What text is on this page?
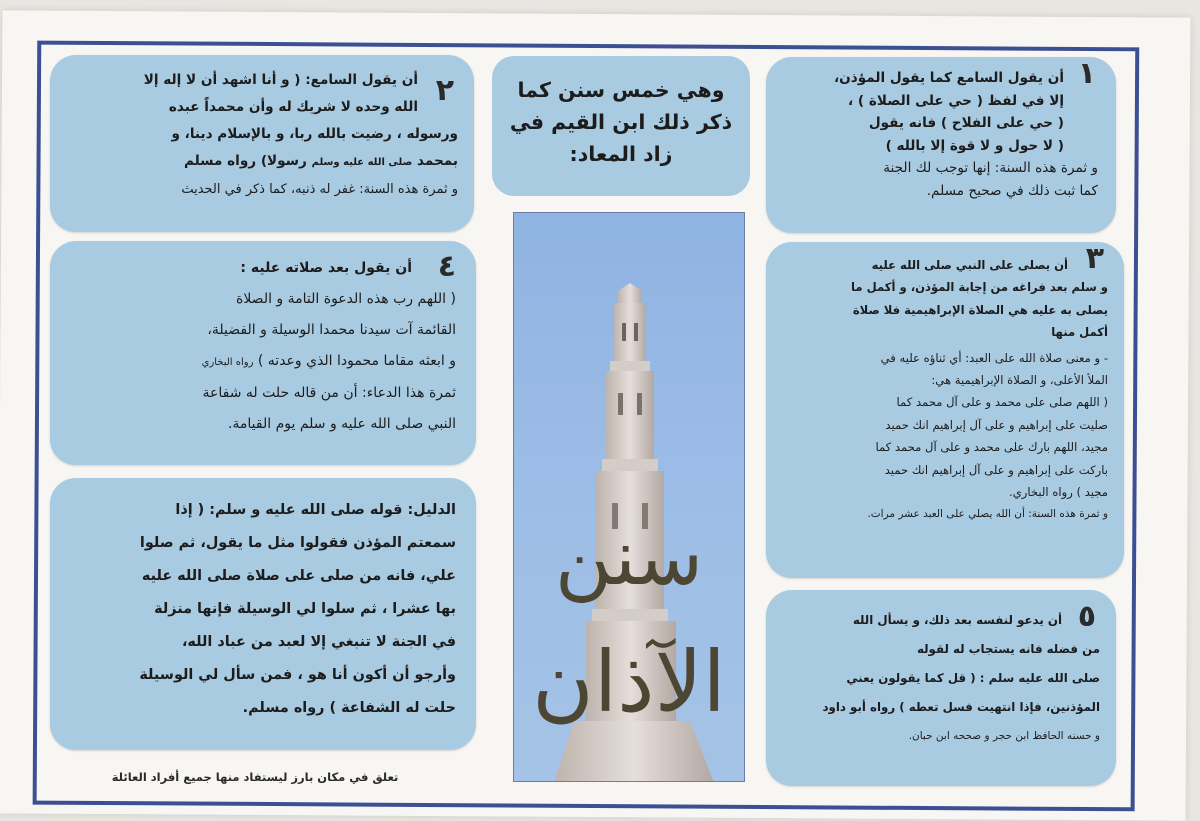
١

أن يقول السامع كما يقول المؤذن،

إلا في لفظ ( حي على الصلاة ) ،

( حي على الفلاح ) فانه يقول

( لا حول و لا قوة إلا بالله )

و ثمرة هذه السنة: إنها توجب لك الجنة

كما ثبت ذلك في صحيح مسلم.

٢

أن يقول السامع: ( و أنا اشهد أن لا إله إلا

الله وحده لا شريك له وأن محمداً عبده

ورسوله ، رضيت بالله ربا، و بالإسلام دينا، و

بمحمد صلى الله عليه وسلم رسولا) رواه مسلم

و ثمرة هذه السنة: غفر له ذنبه، كما ذكر في الحديث

وهي خمس سنن كما ذكر ذلك ابن القيم في زاد المعاد:
سنن
الآذان
٣

أن يصلى على النبي صلى الله عليه

و سلم بعد فراغه من إجابة المؤذن، و أكمل ما

يصلى به عليه هي الصلاة الإبراهيمية فلا صلاة

أكمل منها

- و معنى صلاة الله على العبد: أي ثناؤه عليه في

الملأ الأعلى، و الصلاة الإبراهيمية هي:

( اللهم صلى على محمد و على آل محمد كما

صليت على إبراهيم و على آل إبراهيم انك حميد

مجيد، اللهم بارك على محمد و على آل محمد كما

باركت على إبراهيم و على آل إبراهيم انك حميد

مجيد ) رواه البخاري.

و ثمرة هذه السنة: أن الله يصلي على العبد عشر مرات.

٤

أن يقول بعد صلاته عليه :

( اللهم رب هذه الدعوة التامة و الصلاة

القائمة آت سيدنا محمدا الوسيلة و الفضيلة،

و ابعثه مقاما محمودا الذي وعدته ) رواه البخاري

ثمرة هذا الدعاء: أن من قاله حلت له شفاعة

النبي صلى الله عليه و سلم يوم القيامة.

الدليل: قوله صلى الله عليه و سلم: ( إذا

سمعتم المؤذن فقولوا مثل ما يقول، ثم صلوا

علي، فانه من صلى على صلاة صلى الله عليه

بها عشرا ، ثم سلوا لي الوسيلة فإنها منزلة

في الجنة لا تنبغي إلا لعبد من عباد الله،

وأرجو أن أكون أنا هو ، فمن سأل لي الوسيلة

حلت له الشفاعة ) رواه مسلم.

٥

أن يدعو لنفسه بعد ذلك، و يسأل الله

من فضله فانه يستجاب له لقوله

صلى الله عليه سلم : ( قل كما يقولون يعني

المؤذنين، فإذا انتهيت فسل تعطه ) رواه أبو داود

و حسنه الحافظ ابن حجر و صححه ابن حبان.

تعلق في مكان بارز ليستفاد منها جميع أفراد العائلة
